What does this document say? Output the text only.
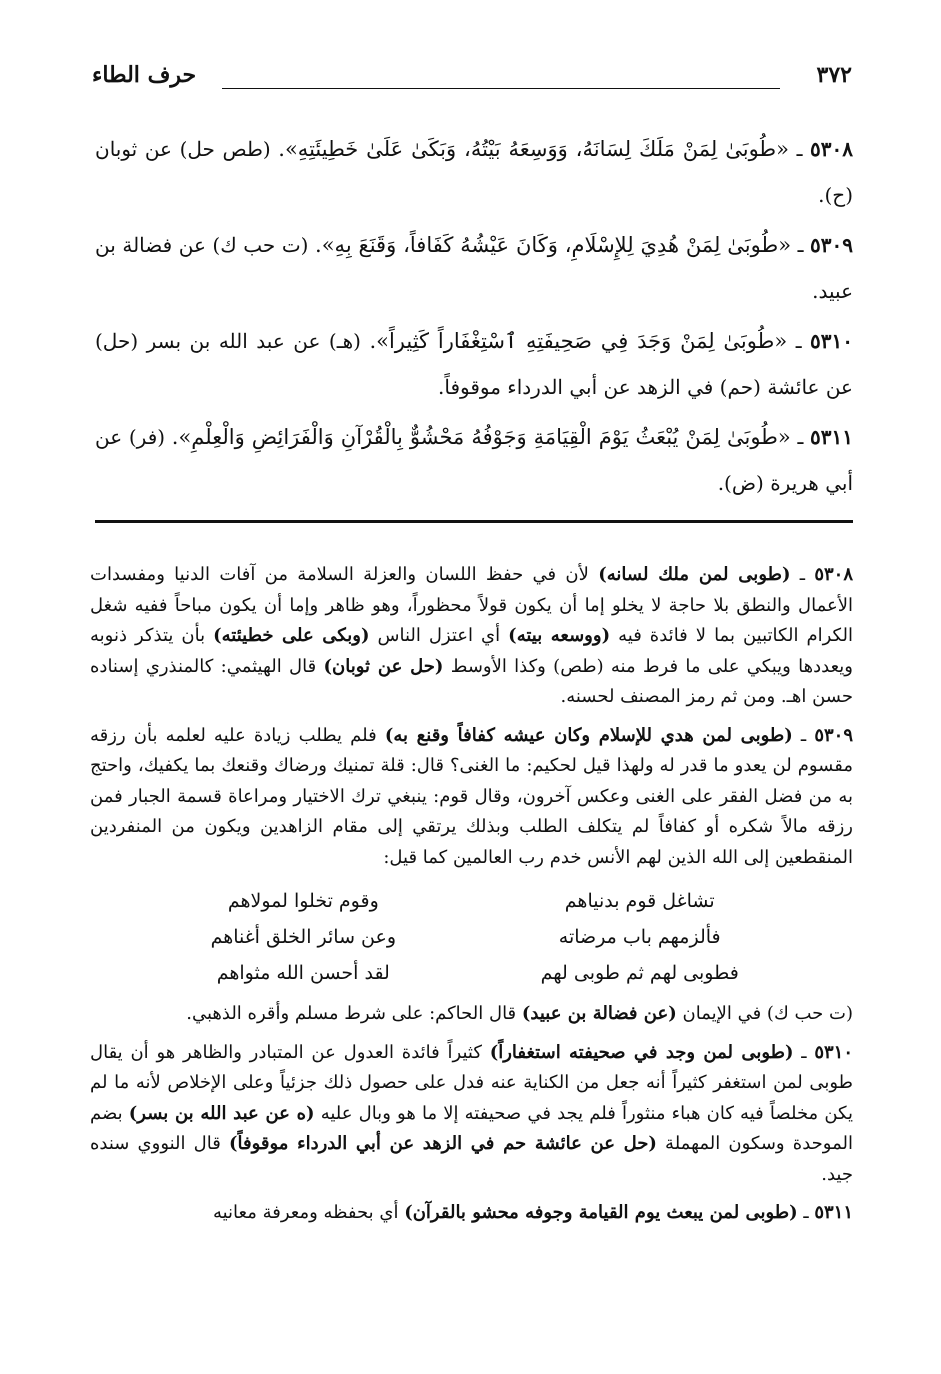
٣٧٢
حرف الطاء

٥٣٠٨ ـ «طُوبَىٰ لِمَنْ مَلَكَ لِسَانَهُ، وَوَسِعَهُ بَيْتُهُ، وَبَكَىٰ عَلَىٰ خَطِيئَتِهِ». (طص حل) عن ثوبان (ح).

٥٣٠٩ ـ «طُوبَىٰ لِمَنْ هُدِيَ لِلإِسْلَامِ، وَكَانَ عَيْشُهُ كَفَافاً، وَقَنَعَ بِهِ». (ت حب ك) عن فضالة بن عبيد.

٥٣١٠ ـ «طُوبَىٰ لِمَنْ وَجَدَ فِي صَحِيفَتِهِ ٱسْتِغْفَاراً كَثِيراً». (هـ) عن عبد الله بن بسر (حل) عن عائشة (حم) في الزهد عن أبي الدرداء موقوفاً.

٥٣١١ ـ «طُوبَىٰ لِمَنْ يُبْعَثُ يَوْمَ الْقِيَامَةِ وَجَوْفُهُ مَحْشُوٌّ بِالْقُرْآنِ وَالْفَرَائِضِ وَالْعِلْمِ». (فر) عن أبي هريرة (ض).

٥٣٠٨ ـ (طوبى لمن ملك لسانه) لأن في حفظ اللسان والعزلة السلامة من آفات الدنيا ومفسدات الأعمال والنطق بلا حاجة لا يخلو إما أن يكون قولاً محظوراً، وهو ظاهر وإما أن يكون مباحاً ففيه شغل الكرام الكاتبين بما لا فائدة فيه (ووسعه بيته) أي اعتزل الناس (وبكى على خطيئته) بأن يتذكر ذنوبه ويعددها ويبكي على ما فرط منه (طص) وكذا الأوسط (حل عن ثوبان) قال الهيثمي: كالمنذري إسناده حسن اهـ. ومن ثم رمز المصنف لحسنه.

٥٣٠٩ ـ (طوبى لمن هدي للإسلام وكان عيشه كفافاً وقنع به) فلم يطلب زيادة عليه لعلمه بأن رزقه مقسوم لن يعدو ما قدر له ولهذا قيل لحكيم: ما الغنى؟ قال: قلة تمنيك ورضاك وقنعك بما يكفيك، واحتج به من فضل الفقر على الغنى وعكس آخرون، وقال قوم: ينبغي ترك الاختيار ومراعاة قسمة الجبار فمن رزقه مالاً شكره أو كفافاً لم يتكلف الطلب وبذلك يرتقي إلى مقام الزاهدين ويكون من المنفردين المنقطعين إلى الله الذين لهم الأنس خدم رب العالمين كما قيل:

تشاغل قوم بدنياهم
وقوم تخلوا لمولاهم
فألزمهم باب مرضاته
وعن سائر الخلق أغناهم
فطوبى لهم ثم طوبى لهم
لقد أحسن الله مثواهم

(ت حب ك) في الإيمان (عن فضالة بن عبيد) قال الحاكم: على شرط مسلم وأقره الذهبي.

٥٣١٠ ـ (طوبى لمن وجد في صحيفته استغفاراً) كثيراً فائدة العدول عن المتبادر والظاهر هو أن يقال طوبى لمن استغفر كثيراً أنه جعل من الكناية عنه فدل على حصول ذلك جزئياً وعلى الإخلاص لأنه ما لم يكن مخلصاً فيه كان هباء منثوراً فلم يجد في صحيفته إلا ما هو وبال عليه (ه عن عبد الله بن بسر) بضم الموحدة وسكون المهملة (حل عن عائشة حم في الزهد عن أبي الدرداء موقوفاً) قال النووي سنده جيد.

٥٣١١ ـ (طوبى لمن يبعث يوم القيامة وجوفه محشو بالقرآن) أي بحفظه ومعرفة معانيه
